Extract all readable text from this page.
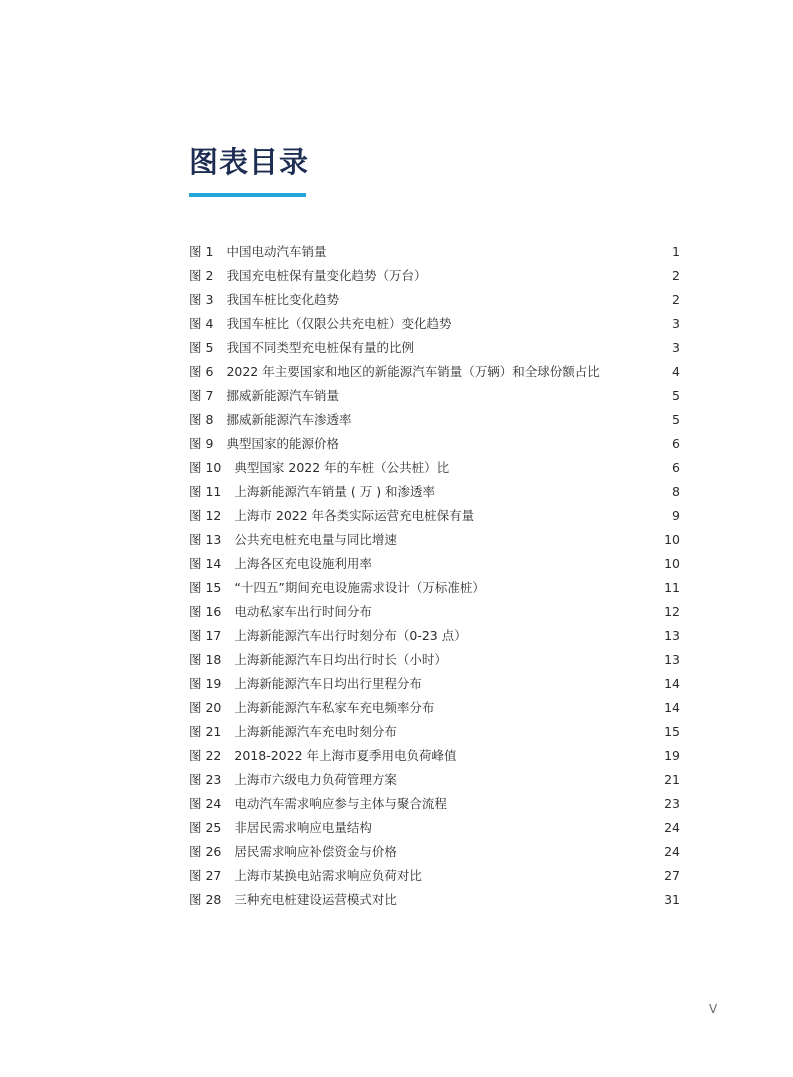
图表目录
图 1 中国电动汽车销量	1
图 2 我国充电桩保有量变化趋势（万台）	2
图 3 我国车桩比变化趋势	2
图 4 我国车桩比（仅限公共充电桩）变化趋势	3
图 5 我国不同类型充电桩保有量的比例	3
图 6 2022 年主要国家和地区的新能源汽车销量（万辆）和全球份额占比	4
图 7 挪威新能源汽车销量	5
图 8 挪威新能源汽车渗透率	5
图 9 典型国家的能源价格	6
图 10 典型国家 2022 年的车桩（公共桩）比	6
图 11 上海新能源汽车销量 ( 万 ) 和渗透率	8
图 12 上海市 2022 年各类实际运营充电桩保有量	9
图 13 公共充电桩充电量与同比增速	10
图 14 上海各区充电设施利用率	10
图 15 “十四五”期间充电设施需求设计（万标准桩）	11
图 16 电动私家车出行时间分布	12
图 17 上海新能源汽车出行时刻分布（0-23 点）	13
图 18 上海新能源汽车日均出行时长（小时）	13
图 19 上海新能源汽车日均出行里程分布	14
图 20 上海新能源汽车私家车充电频率分布	14
图 21 上海新能源汽车充电时刻分布	15
图 22 2018-2022 年上海市夏季用电负荷峰值	19
图 23 上海市六级电力负荷管理方案	21
图 24 电动汽车需求响应参与主体与聚合流程	23
图 25 非居民需求响应电量结构	24
图 26 居民需求响应补偿资金与价格	24
图 27 上海市某换电站需求响应负荷对比	27
图 28 三种充电桩建设运营模式对比	31
V
